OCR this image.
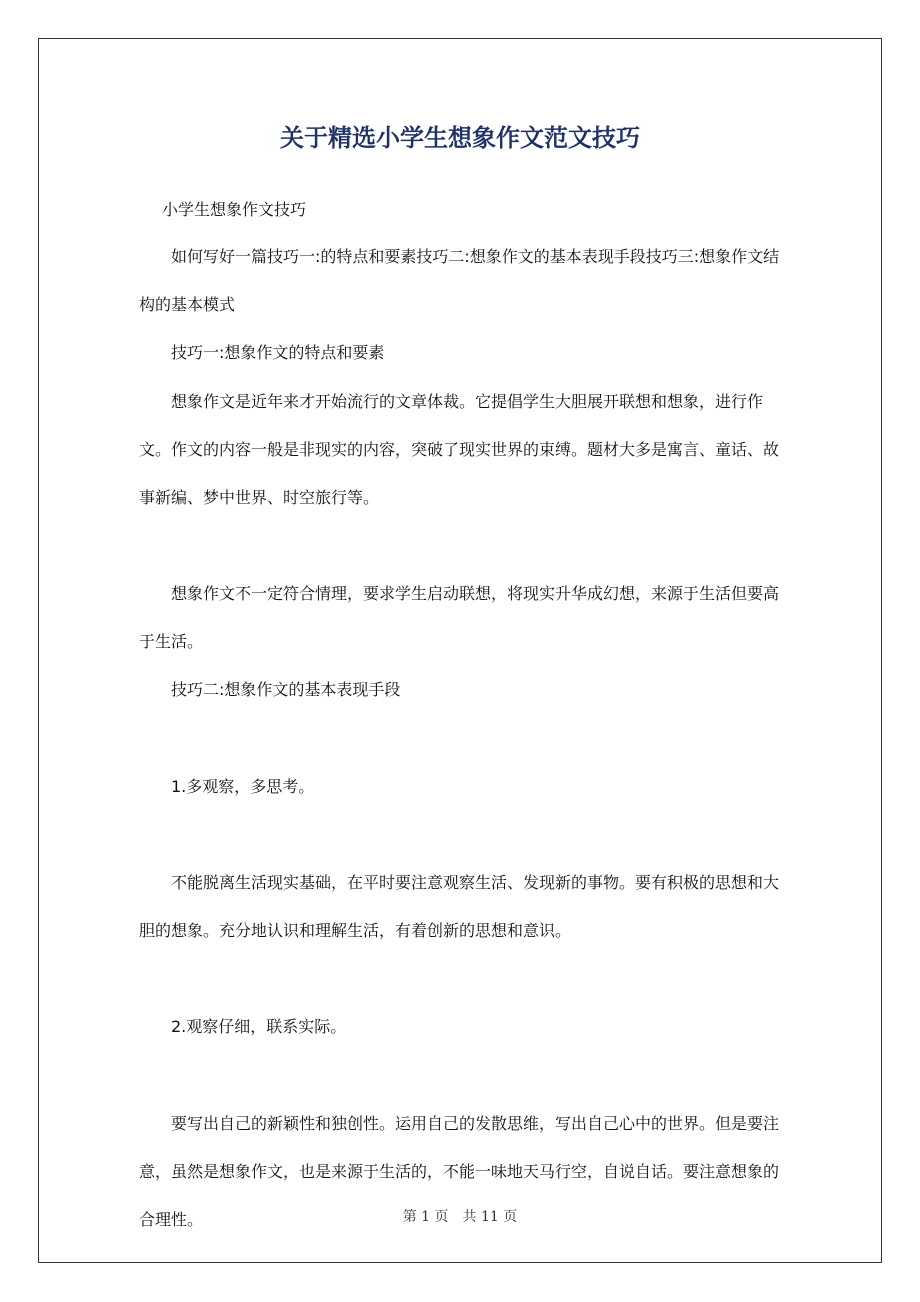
关于精选小学生想象作文范文技巧

小学生想象作文技巧

如何写好一篇技巧一:的特点和要素技巧二:想象作文的基本表现手段技巧三:想象作文结构的基本模式

技巧一:想象作文的特点和要素

想象作文是近年来才开始流行的文章体裁。它提倡学生大胆展开联想和想象，进行作文。作文的内容一般是非现实的内容，突破了现实世界的束缚。题材大多是寓言、童话、故事新编、梦中世界、时空旅行等。

想象作文不一定符合情理，要求学生启动联想，将现实升华成幻想，来源于生活但要高于生活。

技巧二:想象作文的基本表现手段

1.多观察，多思考。

不能脱离生活现实基础，在平时要注意观察生活、发现新的事物。要有积极的思想和大胆的想象。充分地认识和理解生活，有着创新的思想和意识。

2.观察仔细，联系实际。

要写出自己的新颖性和独创性。运用自己的发散思维，写出自己心中的世界。但是要注意，虽然是想象作文，也是来源于生活的，不能一味地天马行空，自说自话。要注意想象的合理性。	第 1 页　共 11 页
